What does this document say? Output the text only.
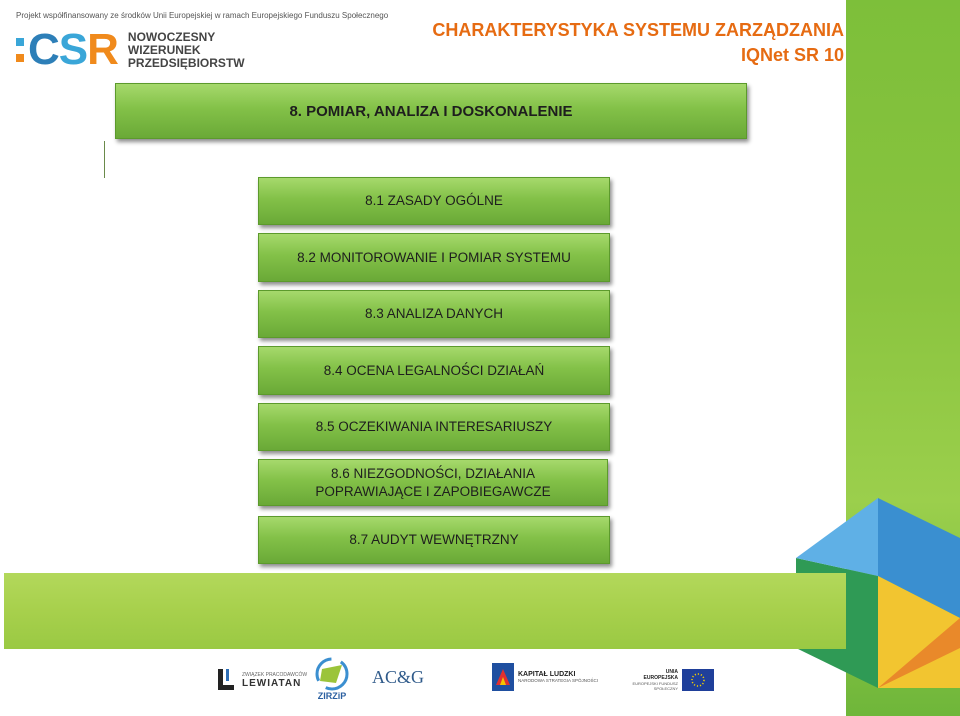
Projekt współfinansowany ze środków Unii Europejskiej w ramach Europejskiego Funduszu Społecznego
C S R NOWOCZESNY
WIZERUNEK
PRZEDSIĘBIORSTW
CHARAKTERYSTYKA SYSTEMU ZARZĄDZANIA
IQNet SR 10
8. POMIAR, ANALIZA I DOSKONALENIE
8.1 ZASADY OGÓLNE
8.2 MONITOROWANIE I POMIAR SYSTEMU
8.3 ANALIZA DANYCH
8.4 OCENA LEGALNOŚCI DZIAŁAŃ
8.5 OCZEKIWANIA INTERESARIUSZY
8.6 NIEZGODNOŚCI, DZIAŁANIA POPRAWIAJĄCE I ZAPOBIEGAWCZE
8.7 AUDYT WEWNĘTRZNY
ZWIĄZEK PRACODAWCÓW
LEWIATAN
ZIRZiP
AC&G	KAPITAŁ LUDZKI
NARODOWA STRATEGIA SPÓJNOŚCI
UNIA EUROPEJSKA
EUROPEJSKI FUNDUSZ SPOŁECZNY
